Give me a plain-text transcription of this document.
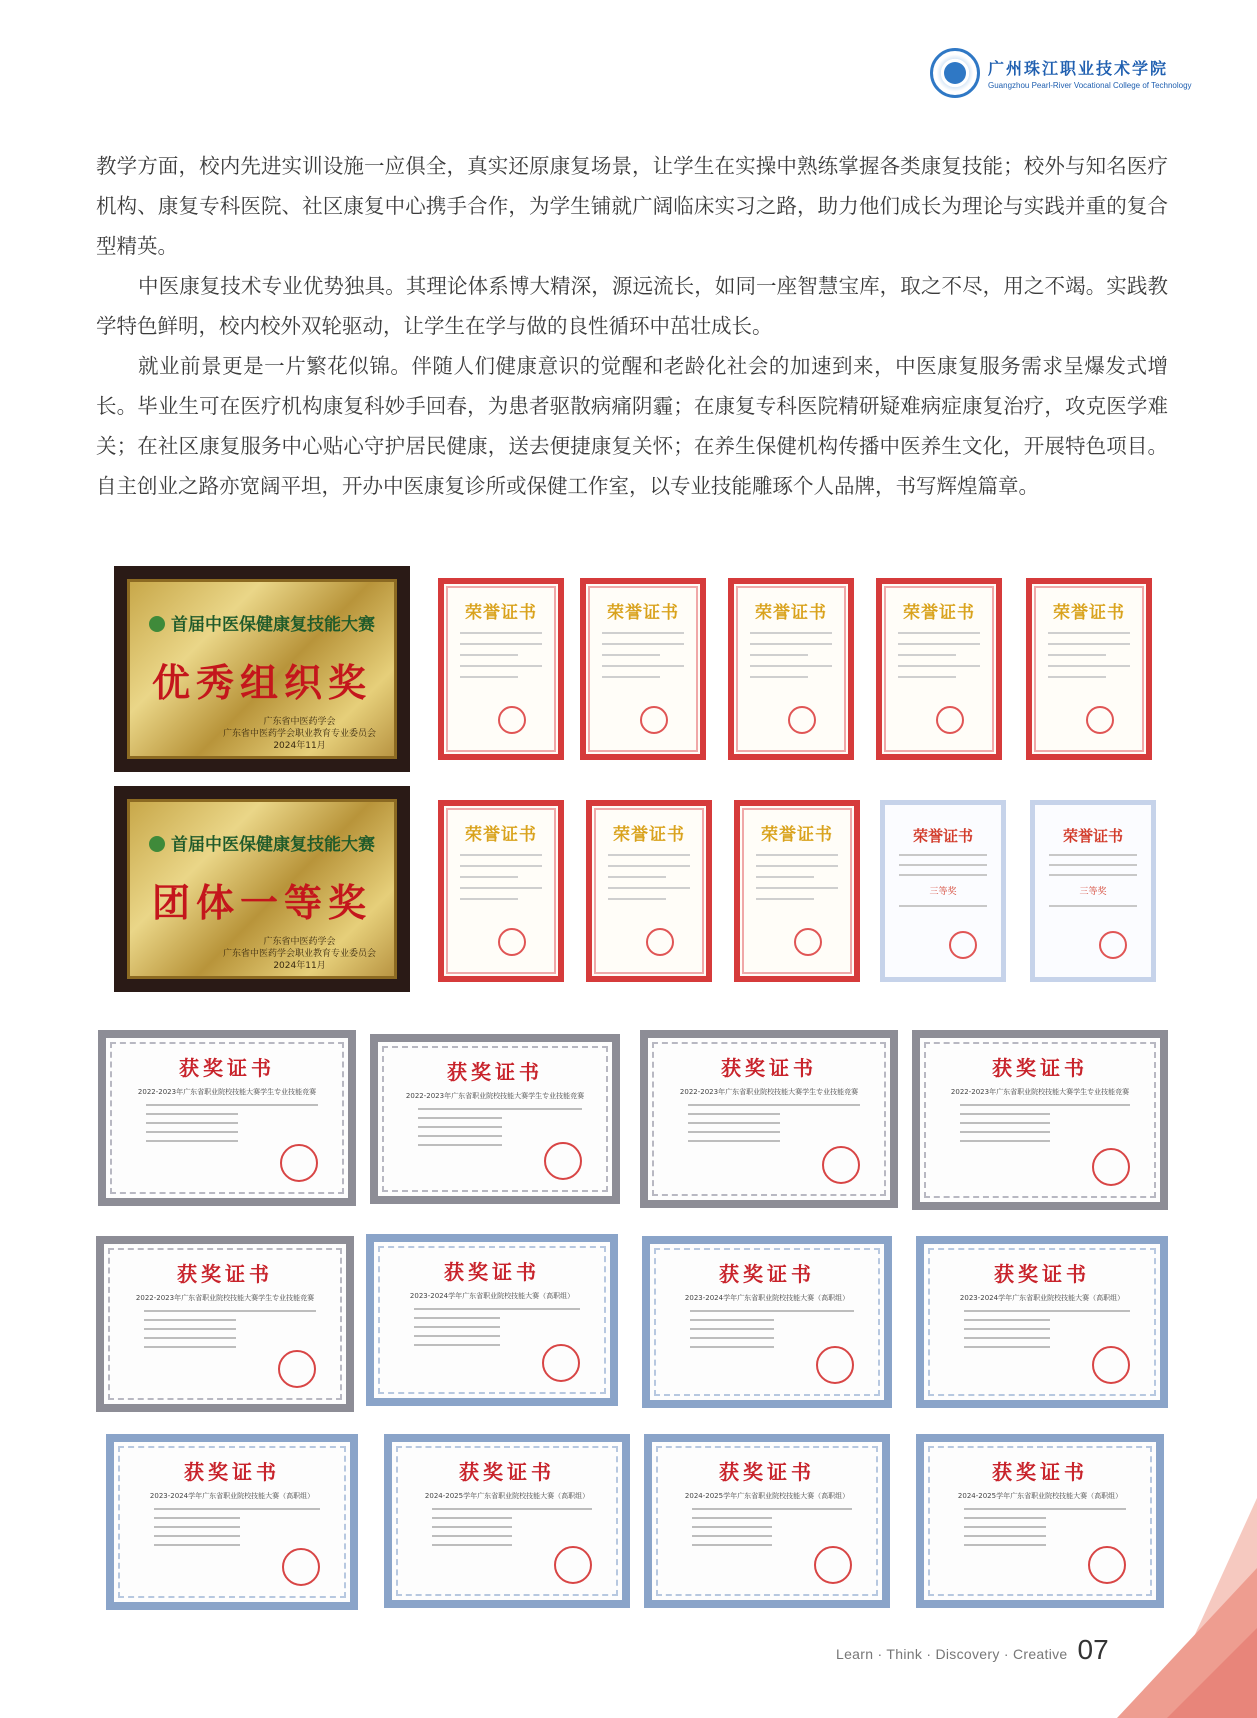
广州珠江职业技术学院
Guangzhou Pearl-River Vocational College of Technology

教学方面，校内先进实训设施一应俱全，真实还原康复场景，让学生在实操中熟练掌握各类康复技能；校外与知名医疗机构、康复专科医院、社区康复中心携手合作，为学生铺就广阔临床实习之路，助力他们成长为理论与实践并重的复合型精英。

中医康复技术专业优势独具。其理论体系博大精深，源远流长，如同一座智慧宝库，取之不尽，用之不竭。实践教学特色鲜明，校内校外双轮驱动，让学生在学与做的良性循环中茁壮成长。

就业前景更是一片繁花似锦。伴随人们健康意识的觉醒和老龄化社会的加速到来，中医康复服务需求呈爆发式增长。毕业生可在医疗机构康复科妙手回春，为患者驱散病痛阴霾；在康复专科医院精研疑难病症康复治疗，攻克医学难关；在社区康复服务中心贴心守护居民健康，送去便捷康复关怀；在养生保健机构传播中医养生文化，开展特色项目。自主创业之路亦宽阔平坦，开办中医康复诊所或保健工作室，以专业技能雕琢个人品牌，书写辉煌篇章。

首届中医保健康复技能大赛
优秀组织奖
广东省中医药学会
广东省中医药学会职业教育专业委员会
2024年11月
首届中医保健康复技能大赛
团体一等奖
广东省中医药学会
广东省中医药学会职业教育专业委员会
2024年11月
荣誉证书	荣誉证书	荣誉证书	荣誉证书	荣誉证书
荣誉证书	荣誉证书	荣誉证书	荣誉证书
三等奖
荣誉证书
三等奖
获奖证书
2022-2023年广东省职业院校技能大赛学生专业技能竞赛
获奖证书
2022-2023年广东省职业院校技能大赛学生专业技能竞赛
获奖证书
2022-2023年广东省职业院校技能大赛学生专业技能竞赛
获奖证书
2022-2023年广东省职业院校技能大赛学生专业技能竞赛
获奖证书
2022-2023年广东省职业院校技能大赛学生专业技能竞赛
获奖证书
2023-2024学年广东省职业院校技能大赛（高职组）
获奖证书
2023-2024学年广东省职业院校技能大赛（高职组）
获奖证书
2023-2024学年广东省职业院校技能大赛（高职组）
获奖证书
2023-2024学年广东省职业院校技能大赛（高职组）
获奖证书
2024-2025学年广东省职业院校技能大赛（高职组）
获奖证书
2024-2025学年广东省职业院校技能大赛（高职组）
获奖证书
2024-2025学年广东省职业院校技能大赛（高职组）
Learn · Think · Discovery · Creative 07
